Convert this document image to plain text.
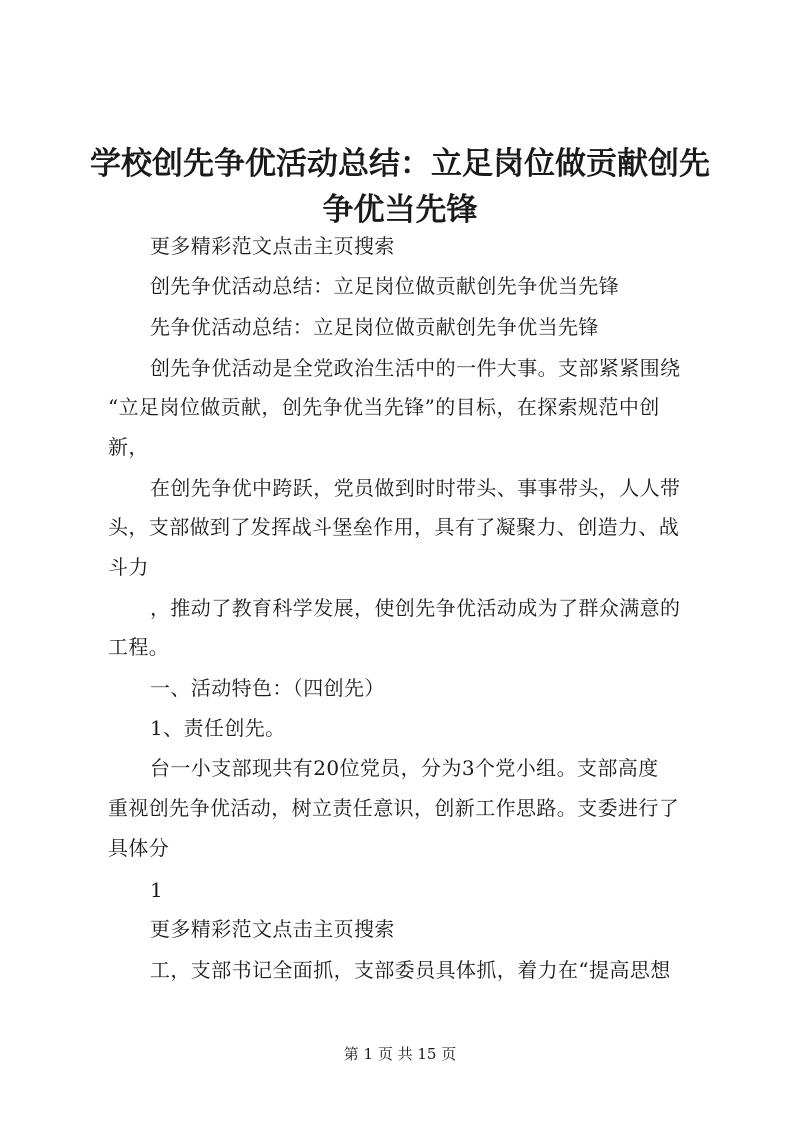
学校创先争优活动总结：立足岗位做贡献创先
争优当先锋
更多精彩范文点击主页搜索
创先争优活动总结：立足岗位做贡献创先争优当先锋
先争优活动总结：立足岗位做贡献创先争优当先锋
创先争优活动是全党政治生活中的一件大事。支部紧紧围绕
“立足岗位做贡献，创先争优当先锋”的目标，在探索规范中创
新，
在创先争优中跨跃，党员做到时时带头、事事带头，人人带
头，支部做到了发挥战斗堡垒作用，具有了凝聚力、创造力、战
斗力
，推动了教育科学发展，使创先争优活动成为了群众满意的
工程。
一、活动特色：（四创先）
1、责任创先。
台一小支部现共有20位党员，分为3个党小组。支部高度
重视创先争优活动，树立责任意识，创新工作思路。支委进行了
具体分
1
更多精彩范文点击主页搜索
工，支部书记全面抓，支部委员具体抓，着力在“提高思想
第 1 页 共 15 页
